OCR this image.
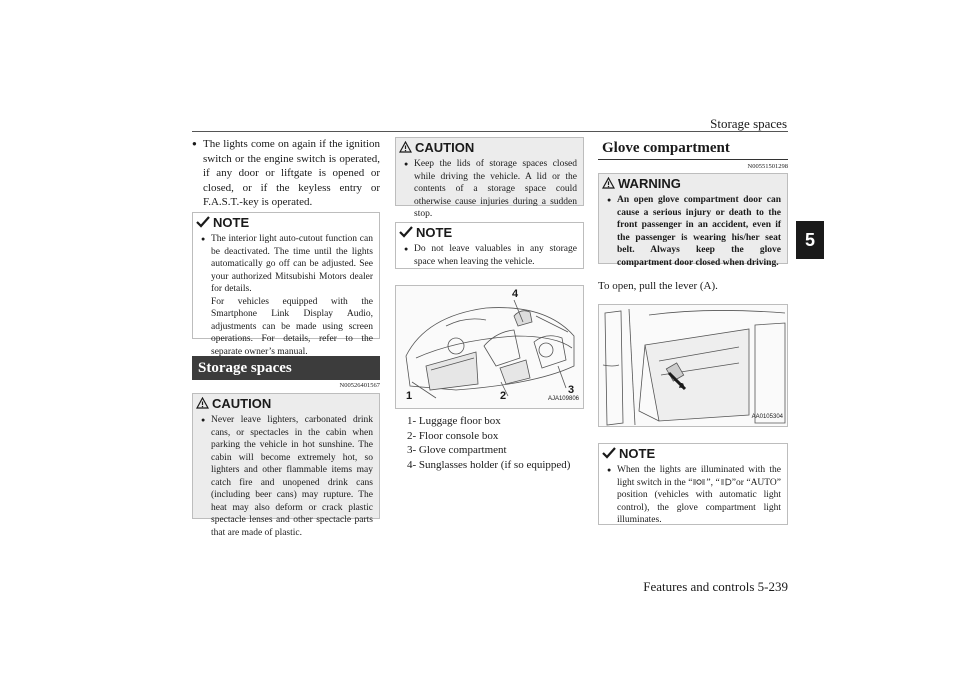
Storage spaces
5
Features and controls 5-239
● The lights come on again if the ignition switch or the engine switch is operated, if any door or liftgate is opened or closed, or if the keyless entry or F.A.S.T.-key is operated.
NOTE
● The interior light auto-cutout function can be deactivated. The time until the lights automatically go off can be adjusted. See your authorized Mitsubishi Motors dealer for details.
For vehicles equipped with the Smartphone Link Display Audio, adjustments can be made using screen operations. For details, refer to the separate owner’s manual.
Storage spaces
N00526401567
CAUTION
● Never leave lighters, carbonated drink cans, or spectacles in the cabin when parking the vehicle in hot sunshine. The cabin will become extremely hot, so lighters and other flammable items may catch fire and unopened drink cans (including beer cans) may rupture. The heat may also deform or crack plastic spectacle lenses and other spectacle parts that are made of plastic.
CAUTION
● Keep the lids of storage spaces closed while driving the vehicle. A lid or the contents of a storage space could otherwise cause injuries during a sudden stop.
NOTE
● Do not leave valuables in any storage space when leaving the vehicle.
1	2	3
4
AJA109806
1- Luggage floor box
2- Floor console box
3- Glove compartment
4- Sunglasses holder (if so equipped)
Glove compartment
N00551501298
WARNING
● An open glove compartment door can cause a serious injury or death to the front passenger in an accident, even if the passenger is wearing his/her seat belt. Always keep the glove compartment door closed when driving.
To open, pull the lever (A).
A
AA0105304
NOTE
● When the lights are illuminated with the light switch in the “ ”, “ ”or “AUTO” position (vehicles with automatic light control), the glove compartment light illuminates.
